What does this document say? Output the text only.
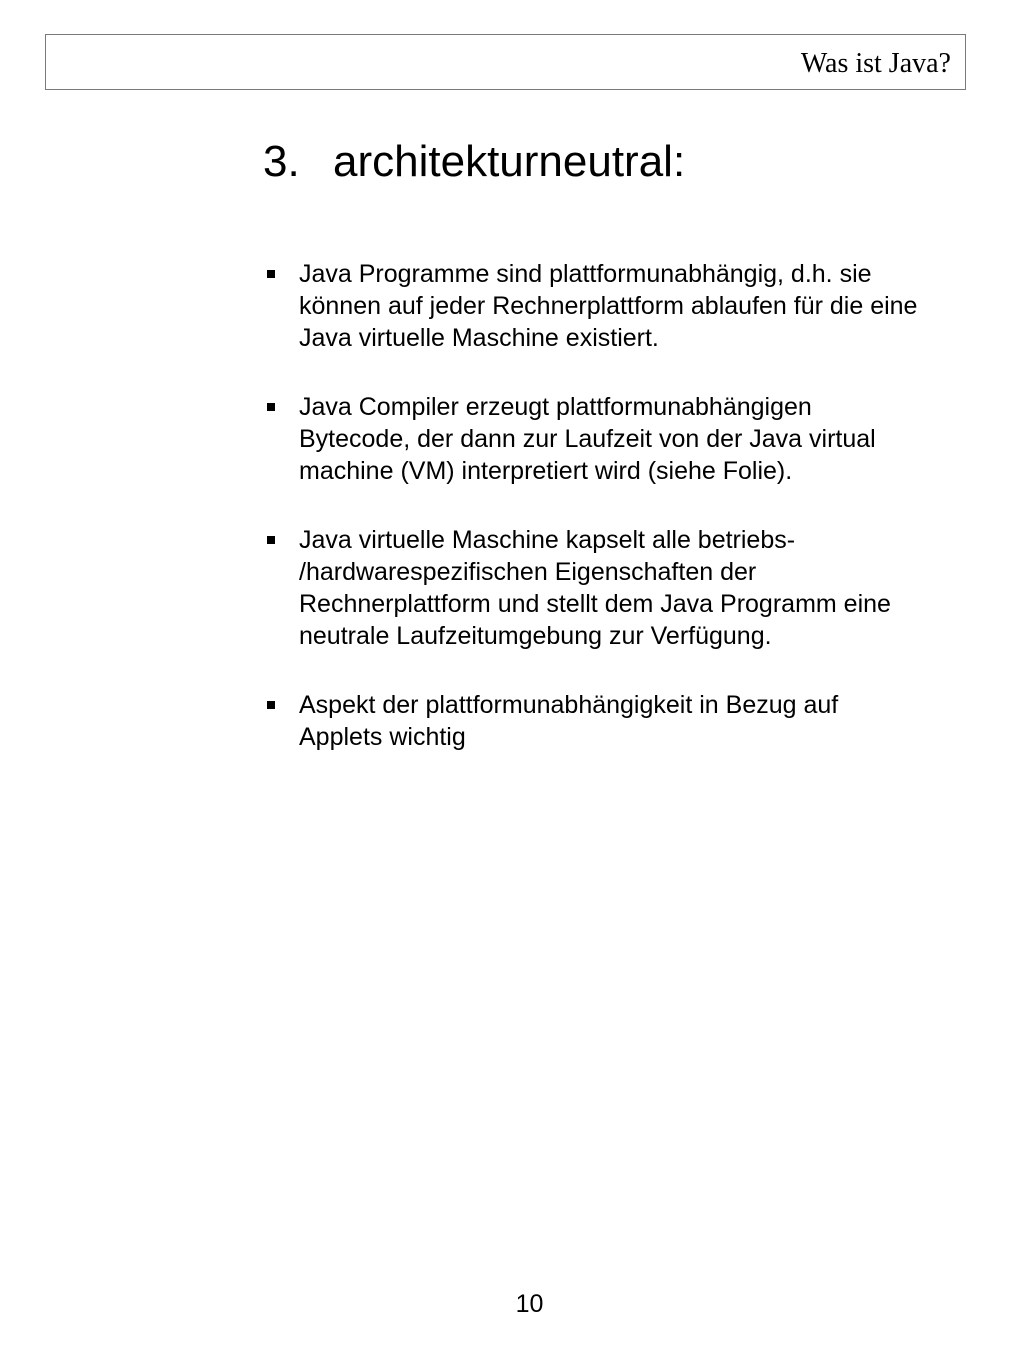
Was ist Java?
3. architekturneutral:
Java Programme sind plattformunabhängig, d.h. sie
können auf jeder Rechnerplattform ablaufen für die eine
Java virtuelle Maschine existiert.
Java Compiler erzeugt plattformunabhängigen
Bytecode, der dann zur Laufzeit von der Java virtual
machine (VM) interpretiert wird (siehe Folie).
Java virtuelle Maschine kapselt alle betriebs-
/hardwarespezifischen Eigenschaften der
Rechnerplattform und stellt dem Java Programm eine
neutrale Laufzeitumgebung zur Verfügung.
Aspekt der plattformunabhängigkeit in Bezug auf
Applets wichtig
10
